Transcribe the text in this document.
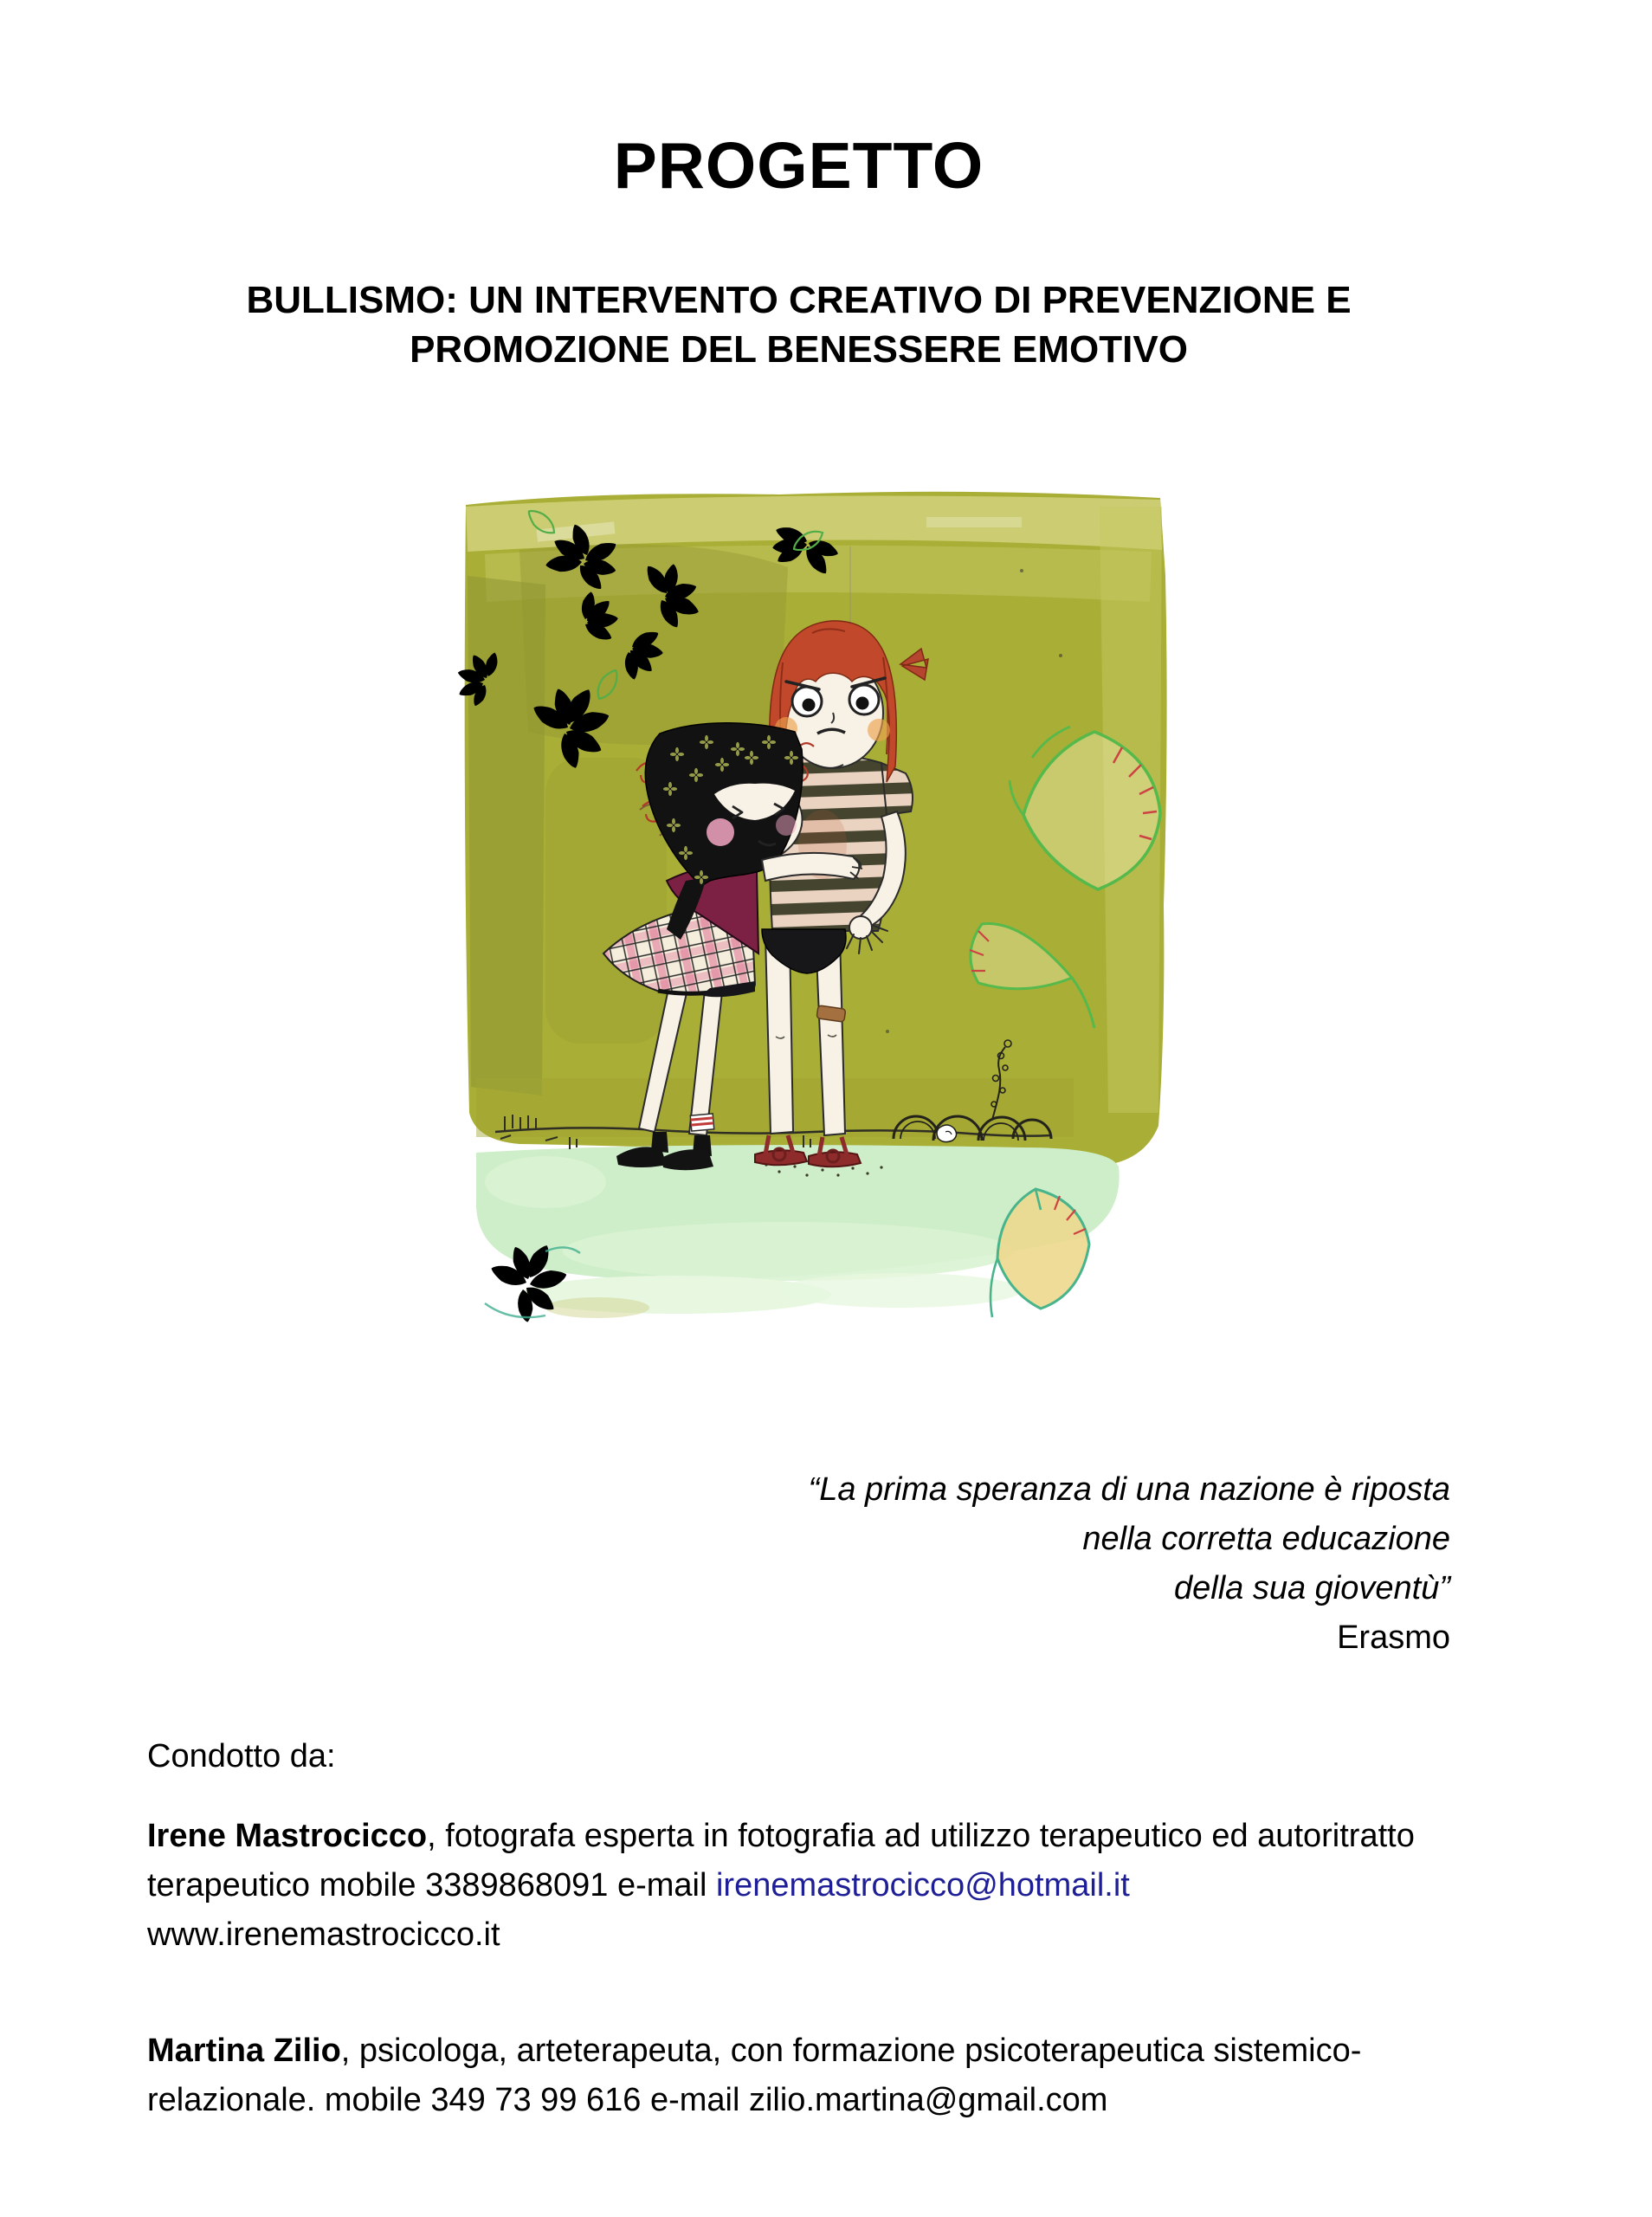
PROGETTO
BULLISMO: UN INTERVENTO CREATIVO DI PREVENZIONE E
PROMOZIONE DEL BENESSERE EMOTIVO
“La prima speranza di una nazione è riposta
nella corretta educazione
della sua gioventù”
Erasmo
Condotto da:

Irene Mastrocicco, fotografa esperta in fotografia ad utilizzo terapeutico ed autoritratto terapeutico mobile 3389868091 e-mail irenemastrocicco@hotmail.it
www.irenemastrocicco.it

Martina Zilio, psicologa, arteterapeuta, con formazione psicoterapeutica sistemico-relazionale. mobile 349 73 99 616 e-mail zilio.martina@gmail.com
